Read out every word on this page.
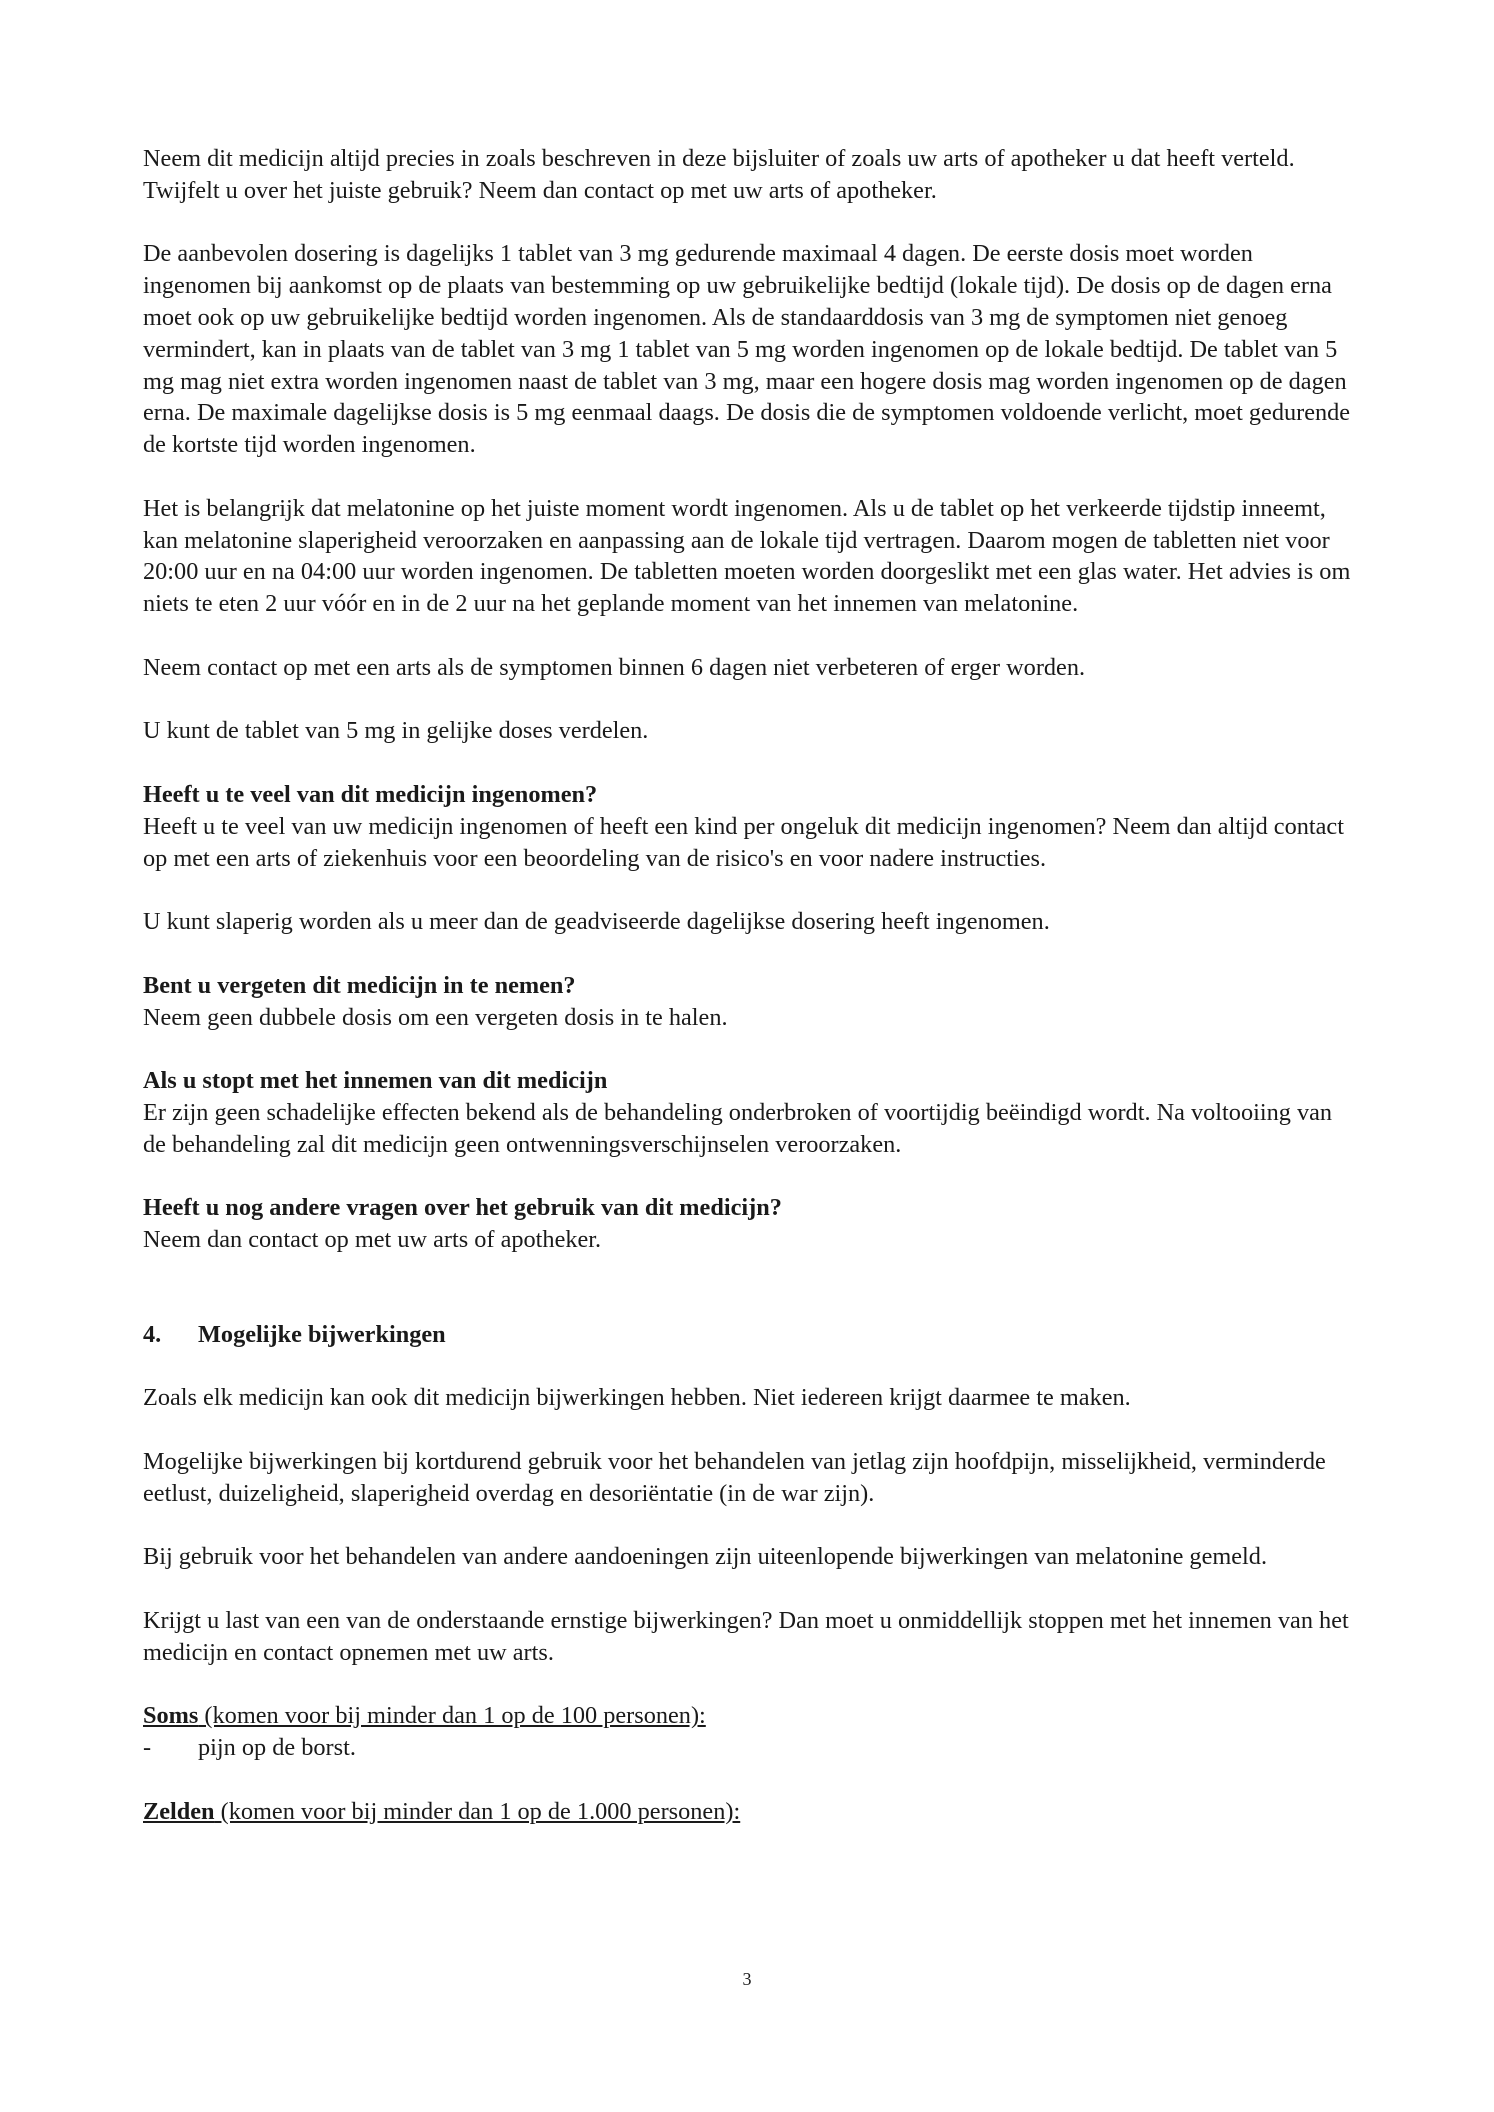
Neem dit medicijn altijd precies in zoals beschreven in deze bijsluiter of zoals uw arts of apotheker u dat heeft verteld. Twijfelt u over het juiste gebruik? Neem dan contact op met uw arts of apotheker.

De aanbevolen dosering is dagelijks 1 tablet van 3 mg gedurende maximaal 4 dagen. De eerste dosis moet worden ingenomen bij aankomst op de plaats van bestemming op uw gebruikelijke bedtijd (lokale tijd). De dosis op de dagen erna moet ook op uw gebruikelijke bedtijd worden ingenomen. Als de standaarddosis van 3 mg de symptomen niet genoeg vermindert, kan in plaats van de tablet van 3 mg 1 tablet van 5 mg worden ingenomen op de lokale bedtijd. De tablet van 5 mg mag niet extra worden ingenomen naast de tablet van 3 mg, maar een hogere dosis mag worden ingenomen op de dagen erna. De maximale dagelijkse dosis is 5 mg eenmaal daags. De dosis die de symptomen voldoende verlicht, moet gedurende de kortste tijd worden ingenomen.

Het is belangrijk dat melatonine op het juiste moment wordt ingenomen. Als u de tablet op het verkeerde tijdstip inneemt, kan melatonine slaperigheid veroorzaken en aanpassing aan de lokale tijd vertragen. Daarom mogen de tabletten niet voor 20:00 uur en na 04:00 uur worden ingenomen. De tabletten moeten worden doorgeslikt met een glas water. Het advies is om niets te eten 2 uur vóór en in de 2 uur na het geplande moment van het innemen van melatonine.

Neem contact op met een arts als de symptomen binnen 6 dagen niet verbeteren of erger worden.

U kunt de tablet van 5 mg in gelijke doses verdelen.

Heeft u te veel van dit medicijn ingenomen?

Heeft u te veel van uw medicijn ingenomen of heeft een kind per ongeluk dit medicijn ingenomen? Neem dan altijd contact op met een arts of ziekenhuis voor een beoordeling van de risico's en voor nadere instructies.

U kunt slaperig worden als u meer dan de geadviseerde dagelijkse dosering heeft ingenomen.

Bent u vergeten dit medicijn in te nemen?

Neem geen dubbele dosis om een vergeten dosis in te halen.

Als u stopt met het innemen van dit medicijn

Er zijn geen schadelijke effecten bekend als de behandeling onderbroken of voortijdig beëindigd wordt. Na voltooiing van de behandeling zal dit medicijn geen ontwenningsverschijnselen veroorzaken.

Heeft u nog andere vragen over het gebruik van dit medicijn?

Neem dan contact op met uw arts of apotheker.

4.	Mogelijke bijwerkingen

Zoals elk medicijn kan ook dit medicijn bijwerkingen hebben. Niet iedereen krijgt daarmee te maken.

Mogelijke bijwerkingen bij kortdurend gebruik voor het behandelen van jetlag zijn hoofdpijn, misselijkheid, verminderde eetlust, duizeligheid, slaperigheid overdag en desoriëntatie (in de war zijn).

Bij gebruik voor het behandelen van andere aandoeningen zijn uiteenlopende bijwerkingen van melatonine gemeld.

Krijgt u last van een van de onderstaande ernstige bijwerkingen? Dan moet u onmiddellijk stoppen met het innemen van het medicijn en contact opnemen met uw arts.

Soms (komen voor bij minder dan 1 op de 100 personen):

-	pijn op de borst.

Zelden (komen voor bij minder dan 1 op de 1.000 personen):

3
